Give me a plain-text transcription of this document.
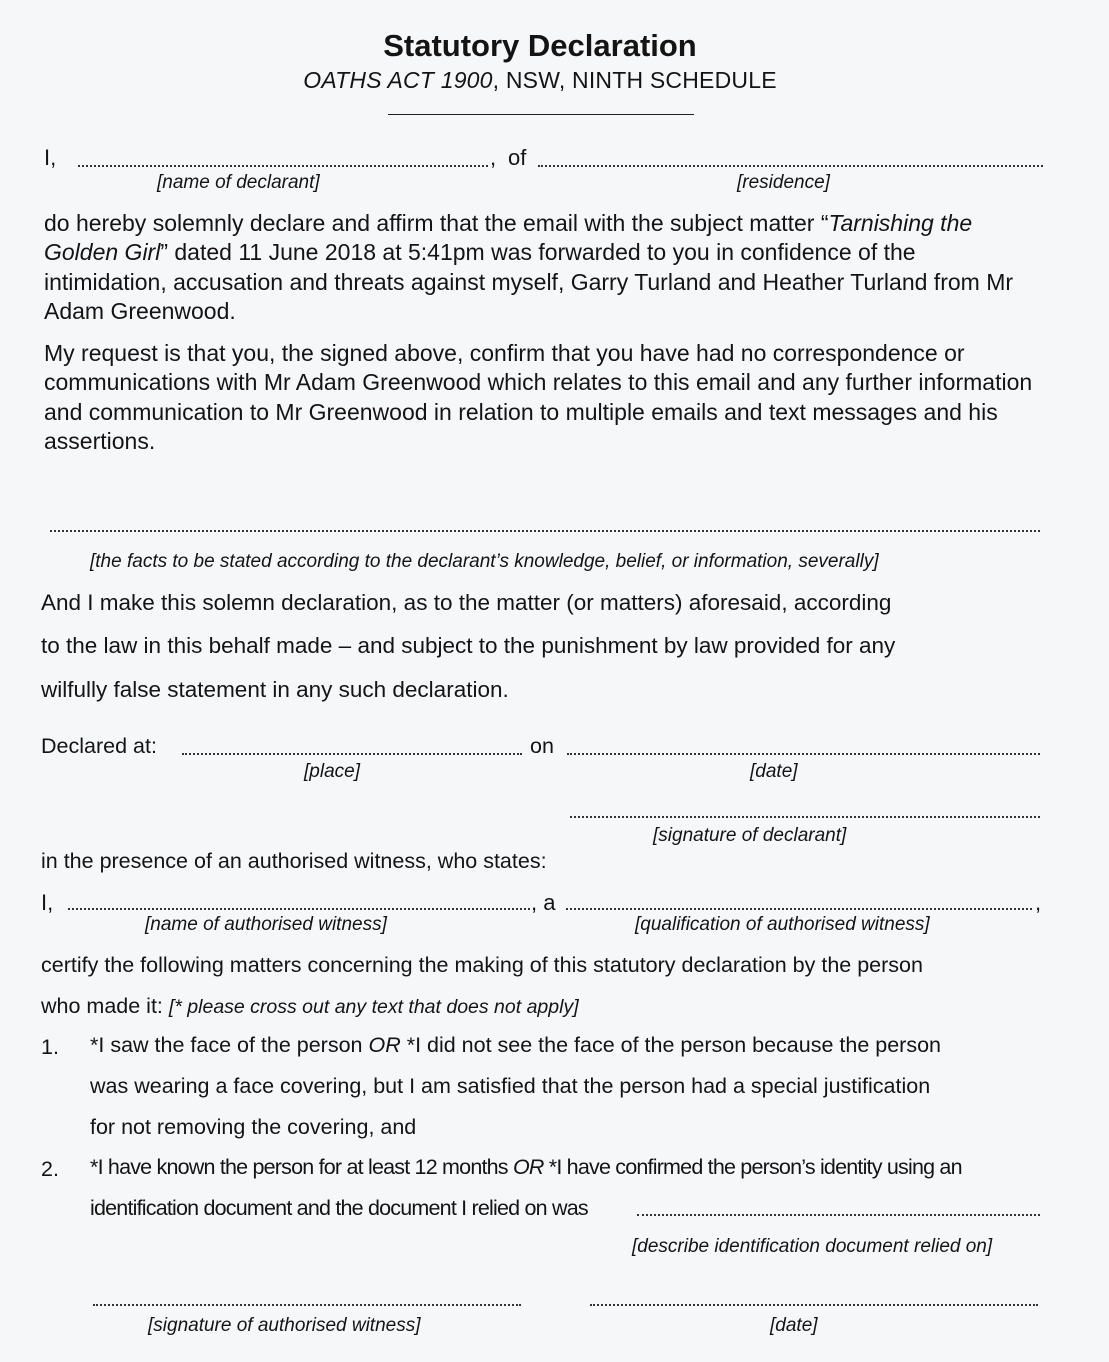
Statutory Declaration
OATHS ACT 1900, NSW, NINTH SCHEDULE
I,	, of
[name of declarant]	[residence]
do hereby solemnly declare and affirm that the email with the subject matter “Tarnishing the Golden Girl” dated 11 June 2018 at 5:41pm was forwarded to you in confidence of the intimidation, accusation and threats against myself, Garry Turland and Heather Turland from Mr Adam Greenwood.
My request is that you, the signed above, confirm that you have had no correspondence or communications with Mr Adam Greenwood which relates to this email and any further information and communication to Mr Greenwood in relation to multiple emails and text messages and his assertions.
[the facts to be stated according to the declarant’s knowledge, belief, or information, severally]
And I make this solemn declaration, as to the matter (or matters) aforesaid, according
to the law in this behalf made – and subject to the punishment by law provided for any
wilfully false statement in any such declaration.
Declared at:	on
[place]	[date]
[signature of declarant]
in the presence of an authorised witness, who states:
I,	, a	,
[name of authorised witness]	[qualification of authorised witness]
certify the following matters concerning the making of this statutory declaration by the person
who made it: [* please cross out any text that does not apply]
1. *I saw the face of the person OR *I did not see the face of the person because the person
was wearing a face covering, but I am satisfied that the person had a special justification
for not removing the covering, and
2. *I have known the person for at least 12 months OR *I have confirmed the person’s identity using an
identification document and the document I relied on was
[describe identification document relied on]
[signature of authorised witness]	[date]
